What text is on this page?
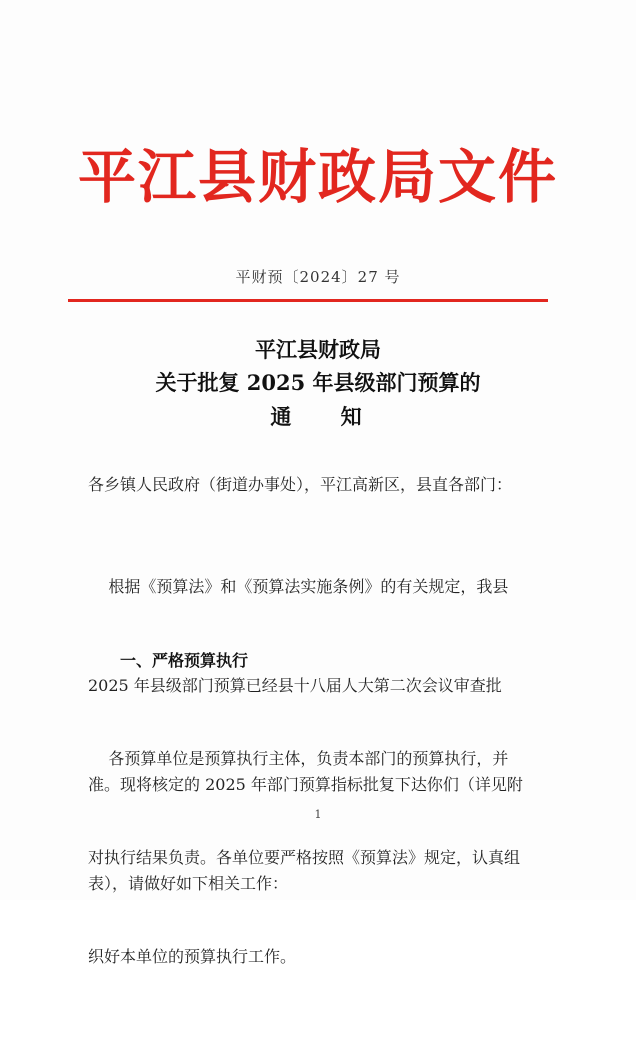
平江县财政局文件
平财预〔2024〕27 号
平江县财政局
关于批复 2025 年县级部门预算的
通    知
各乡镇人民政府（街道办事处），平江高新区，县直各部门：

根据《预算法》和《预算法实施条例》的有关规定，我县

2025 年县级部门预算已经县十八届人大第二次会议审查批

准。现将核定的 2025 年部门预算指标批复下达你们（详见附

表），请做好如下相关工作：

一、严格预算执行

各预算单位是预算执行主体，负责本部门的预算执行，并

对执行结果负责。各单位要严格按照《预算法》规定，认真组

织好本单位的预算执行工作。

1
